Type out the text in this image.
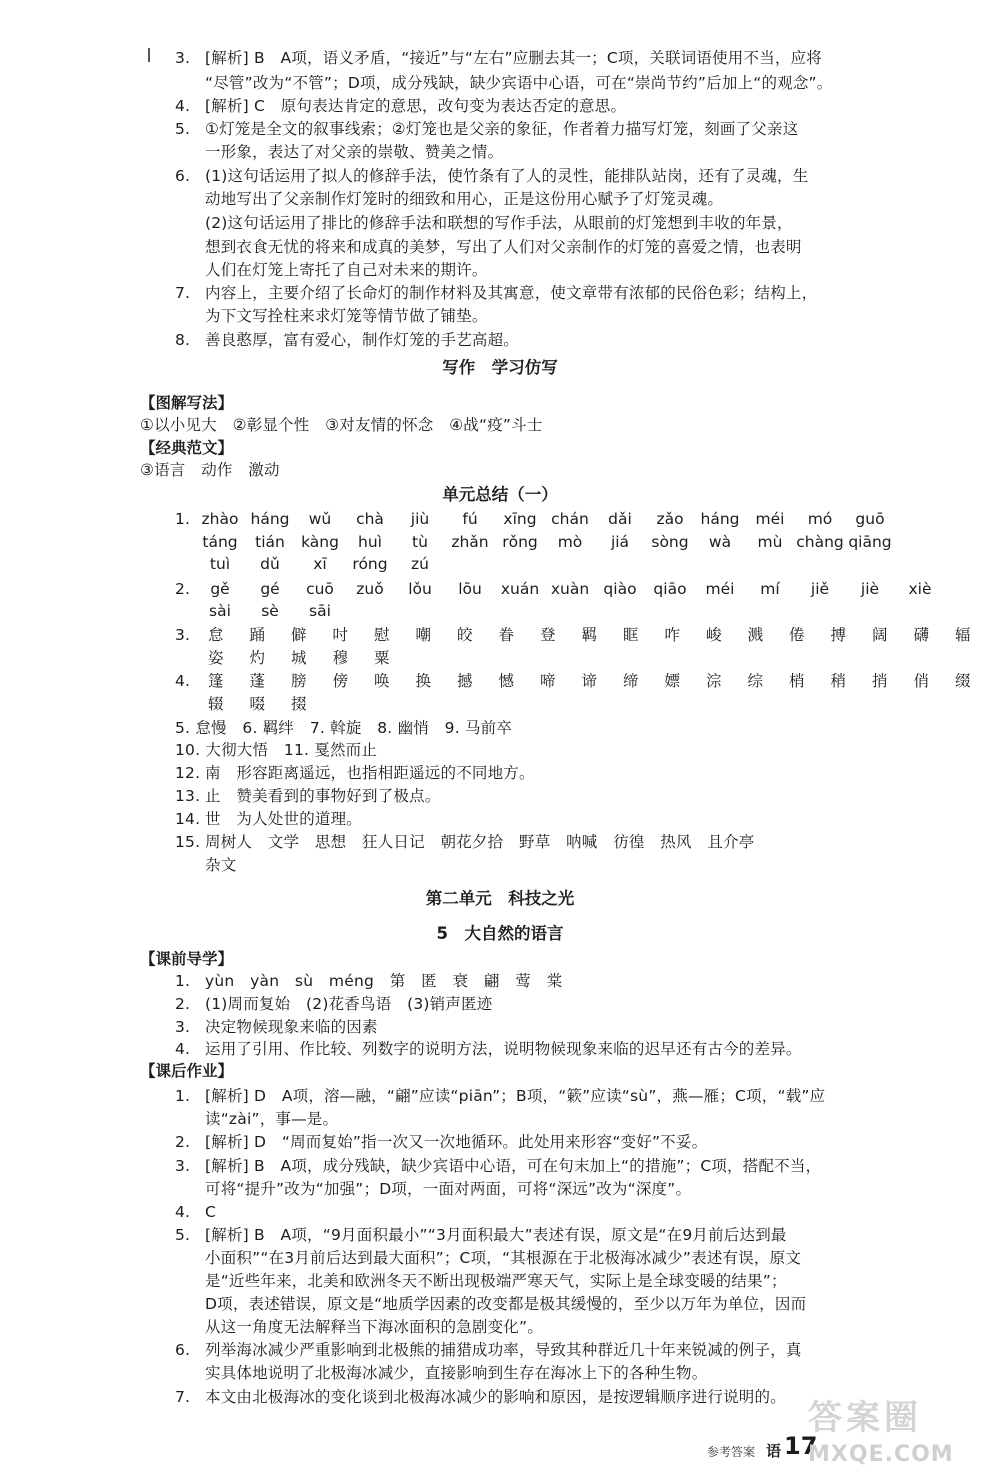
3. [解析] B　A项，语义矛盾，“接近”与“左右”应删去其一；C项，关联词语使用不当，应将
“尽管”改为“不管”；D项，成分残缺，缺少宾语中心语，可在“崇尚节约”后加上“的观念”。
4. [解析] C　原句表达肯定的意思，改句变为表达否定的意思。
5. ①灯笼是全文的叙事线索；②灯笼也是父亲的象征，作者着力描写灯笼，刻画了父亲这
一形象，表达了对父亲的崇敬、赞美之情。
6. (1)这句话运用了拟人的修辞手法，使竹条有了人的灵性，能排队站岗，还有了灵魂，生
动地写出了父亲制作灯笼时的细致和用心，正是这份用心赋予了灯笼灵魂。
(2)这句话运用了排比的修辞手法和联想的写作手法，从眼前的灯笼想到丰收的年景，
想到衣食无忧的将来和成真的美梦，写出了人们对父亲制作的灯笼的喜爱之情，也表明
人们在灯笼上寄托了自己对未来的期许。
7. 内容上，主要介绍了长命灯的制作材料及其寓意，使文章带有浓郁的民俗色彩；结构上，
为下文写拴柱来求灯笼等情节做了铺垫。
8. 善良憨厚，富有爱心，制作灯笼的手艺高超。
写作　学习仿写
【图解写法】
①以小见大　②彰显个性　③对友情的怀念　④战“疫”斗士
【经典范文】
③语言　动作　激动
单元总结（一）
1. zhào háng wǔ chà jiù fú xīng chán dǎi zǎo háng méi mó guō
táng tián kàng huì tù zhǎn rǒng mò jiá sòng wà mù chàng qiāng
tuì dǔ xī róng zú
2.	gě gé cuō zuǒ lǒu lōu xuán xuàn qiào qiāo méi mí jiě jiè xiè
sài sè sāi
3.	怠 踊 僻 吋 慰 嘲 皎 眷 登 羁 眶 咋 峻 溅 倦 搏 阔 礴 辐
姿 灼 城 穆 粟
4.	篷 蓬 膀 傍 唤 换 撼 憾 啼 谛 缔 嫖 淙 综 梢 稍 捎 俏 缀
辍 啜 掇
5. 怠慢　6. 羁绊　7. 斡旋　8. 幽悄　9. 马前卒
10. 大彻大悟　11. 戛然而止
12. 南　形容距离遥远，也指相距遥远的不同地方。
13. 止　赞美看到的事物好到了极点。
14. 世　为人处世的道理。
15. 周树人　文学　思想　狂人日记　朝花夕拾　野草　呐喊　彷徨　热风　且介亭
杂文
第二单元　科技之光
5　大自然的语言
【课前导学】
1. yùn　yàn　sù　méng　第　匿　衰　翩　莺　棠
2. (1)周而复始　(2)花香鸟语　(3)销声匿迹
3. 决定物候现象来临的因素
4. 运用了引用、作比较、列数字的说明方法，说明物候现象来临的迟早还有古今的差异。
【课后作业】
1. [解析] D　A项，溶—融，“翩”应读“piān”；B项，“簌”应读“sù”，燕—雁；C项，“载”应
读“zài”，事—是。
2. [解析] D　“周而复始”指一次又一次地循环。此处用来形容“变好”不妥。
3. [解析] B　A项，成分残缺，缺少宾语中心语，可在句末加上“的措施”；C项，搭配不当，
可将“提升”改为“加强”；D项，一面对两面，可将“深远”改为“深度”。
4. C
5. [解析] B　A项，“9月面积最小”“3月面积最大”表述有误，原文是“在9月前后达到最
小面积”“在3月前后达到最大面积”；C项，“其根源在于北极海冰减少”表述有误，原文
是“近些年来，北美和欧洲冬天不断出现极端严寒天气，实际上是全球变暖的结果”；
D项，表述错误，原文是“地质学因素的改变都是极其缓慢的，至少以万年为单位，因而
从这一角度无法解释当下海冰面积的急剧变化”。
6. 列举海冰减少严重影响到北极熊的捕猎成功率，导致其种群近几十年来锐减的例子，真
实具体地说明了北极海冰减少，直接影响到生存在海冰上下的各种生物。
7. 本文由北极海冰的变化谈到北极海冰减少的影响和原因，是按逻辑顺序进行说明的。
参考答案 语 17
答案圈
MXQE.COM
